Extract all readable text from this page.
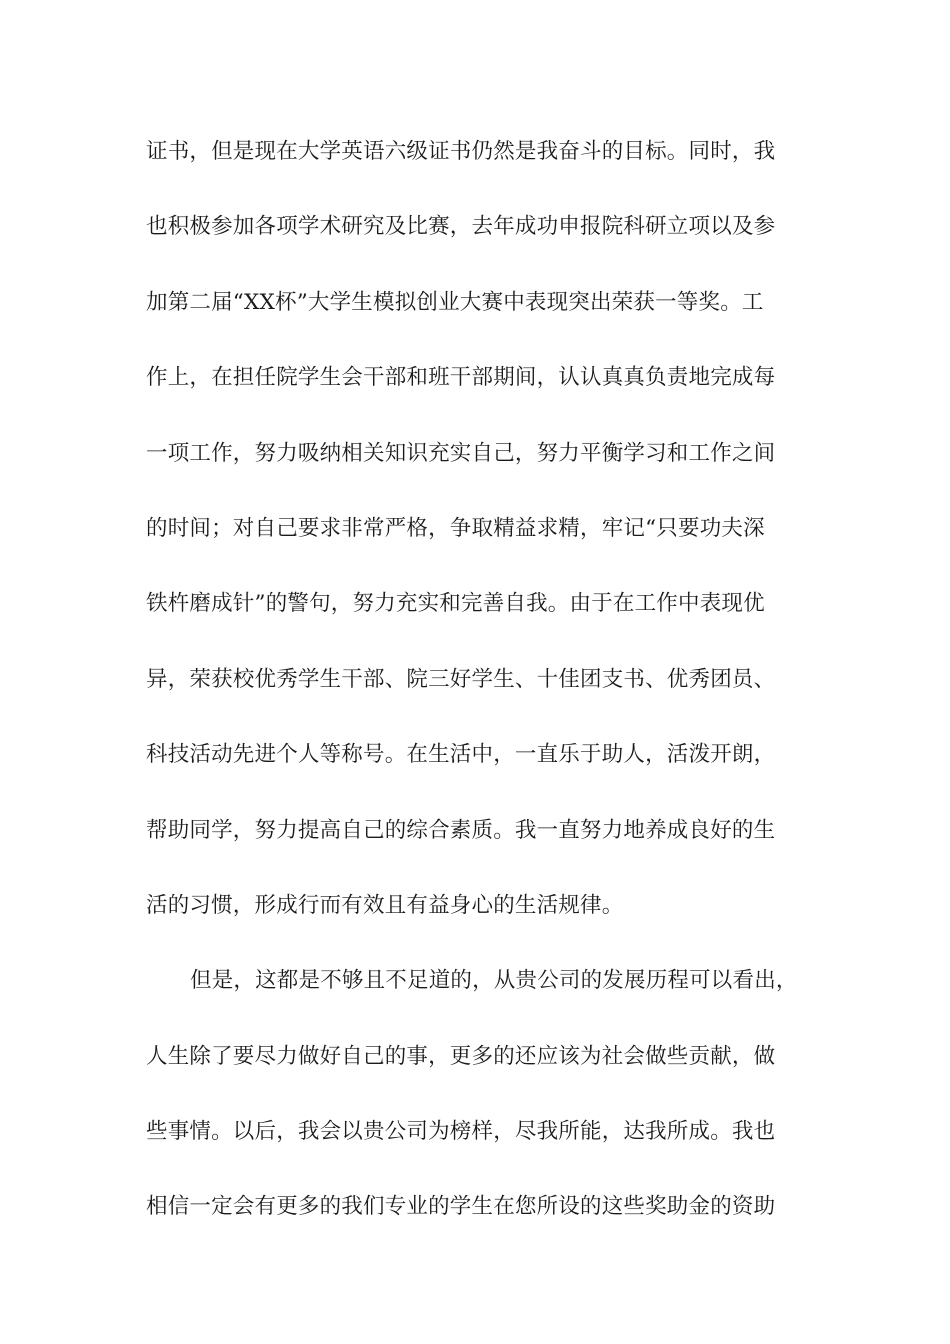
证书，但是现在大学英语六级证书仍然是我奋斗的目标。同时，我
也积极参加各项学术研究及比赛，去年成功申报院科研立项以及参
加第二届“XX杯”大学生模拟创业大赛中表现突出荣获一等奖。工
作上，在担任院学生会干部和班干部期间，认认真真负责地完成每
一项工作，努力吸纳相关知识充实自己，努力平衡学习和工作之间
的时间；对自己要求非常严格，争取精益求精，牢记“只要功夫深
铁杵磨成针”的警句，努力充实和完善自我。由于在工作中表现优
异，荣获校优秀学生干部、院三好学生、十佳团支书、优秀团员、
科技活动先进个人等称号。在生活中，一直乐于助人，活泼开朗，
帮助同学，努力提高自己的综合素质。我一直努力地养成良好的生
活的习惯，形成行而有效且有益身心的生活规律。
但是，这都是不够且不足道的，从贵公司的发展历程可以看出，
人生除了要尽力做好自己的事，更多的还应该为社会做些贡献，做
些事情。以后，我会以贵公司为榜样，尽我所能，达我所成。我也
相信一定会有更多的我们专业的学生在您所设的这些奖助金的资助
